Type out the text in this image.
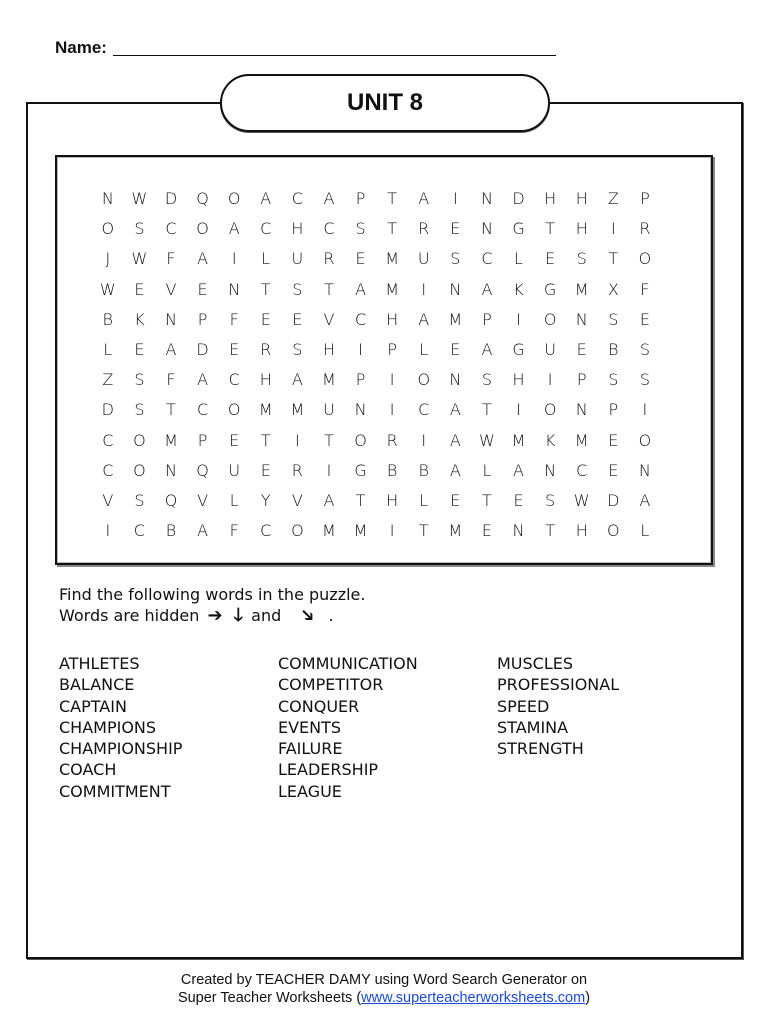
Name:
UNIT 8
N	W	D	Q	O	A	C	A	P	T	A	I	N	D	H	H	Z	P
O	S	C	O	A	C	H	C	S	T	R	E	N	G	T	H	I	R
J	W	F	A	I	L	U	R	E	M	U	S	C	L	E	S	T	O
W	E	V	E	N	T	S	T	A	M	I	N	A	K	G	M	X	F
B	K	N	P	F	E	E	V	C	H	A	M	P	I	O	N	S	E
L	E	A	D	E	R	S	H	I	P	L	E	A	G	U	E	B	S
Z	S	F	A	C	H	A	M	P	I	O	N	S	H	I	P	S	S
D	S	T	C	O	M	M	U	N	I	C	A	T	I	O	N	P	I
C	O	M	P	E	T	I	T	O	R	I	A	W	M	K	M	E	O
C	O	N	Q	U	E	R	I	G	B	B	A	L	A	N	C	E	N
V	S	Q	V	L	Y	V	A	T	H	L	E	T	E	S	W	D	A
I	C	B	A	F	C	O	M	M	I	T	M	E	N	T	H	O	L
Find the following words in the puzzle.
Words are hidden ➔ 🡓 and ➔ .
ATHLETES
BALANCE
CAPTAIN
CHAMPIONS
CHAMPIONSHIP
COACH
COMMITMENT
COMMUNICATION
COMPETITOR
CONQUER
EVENTS
FAILURE
LEADERSHIP
LEAGUE
MUSCLES
PROFESSIONAL
SPEED
STAMINA
STRENGTH
Created by TEACHER DAMY using Word Search Generator on
Super Teacher Worksheets (www.superteacherworksheets.com)
